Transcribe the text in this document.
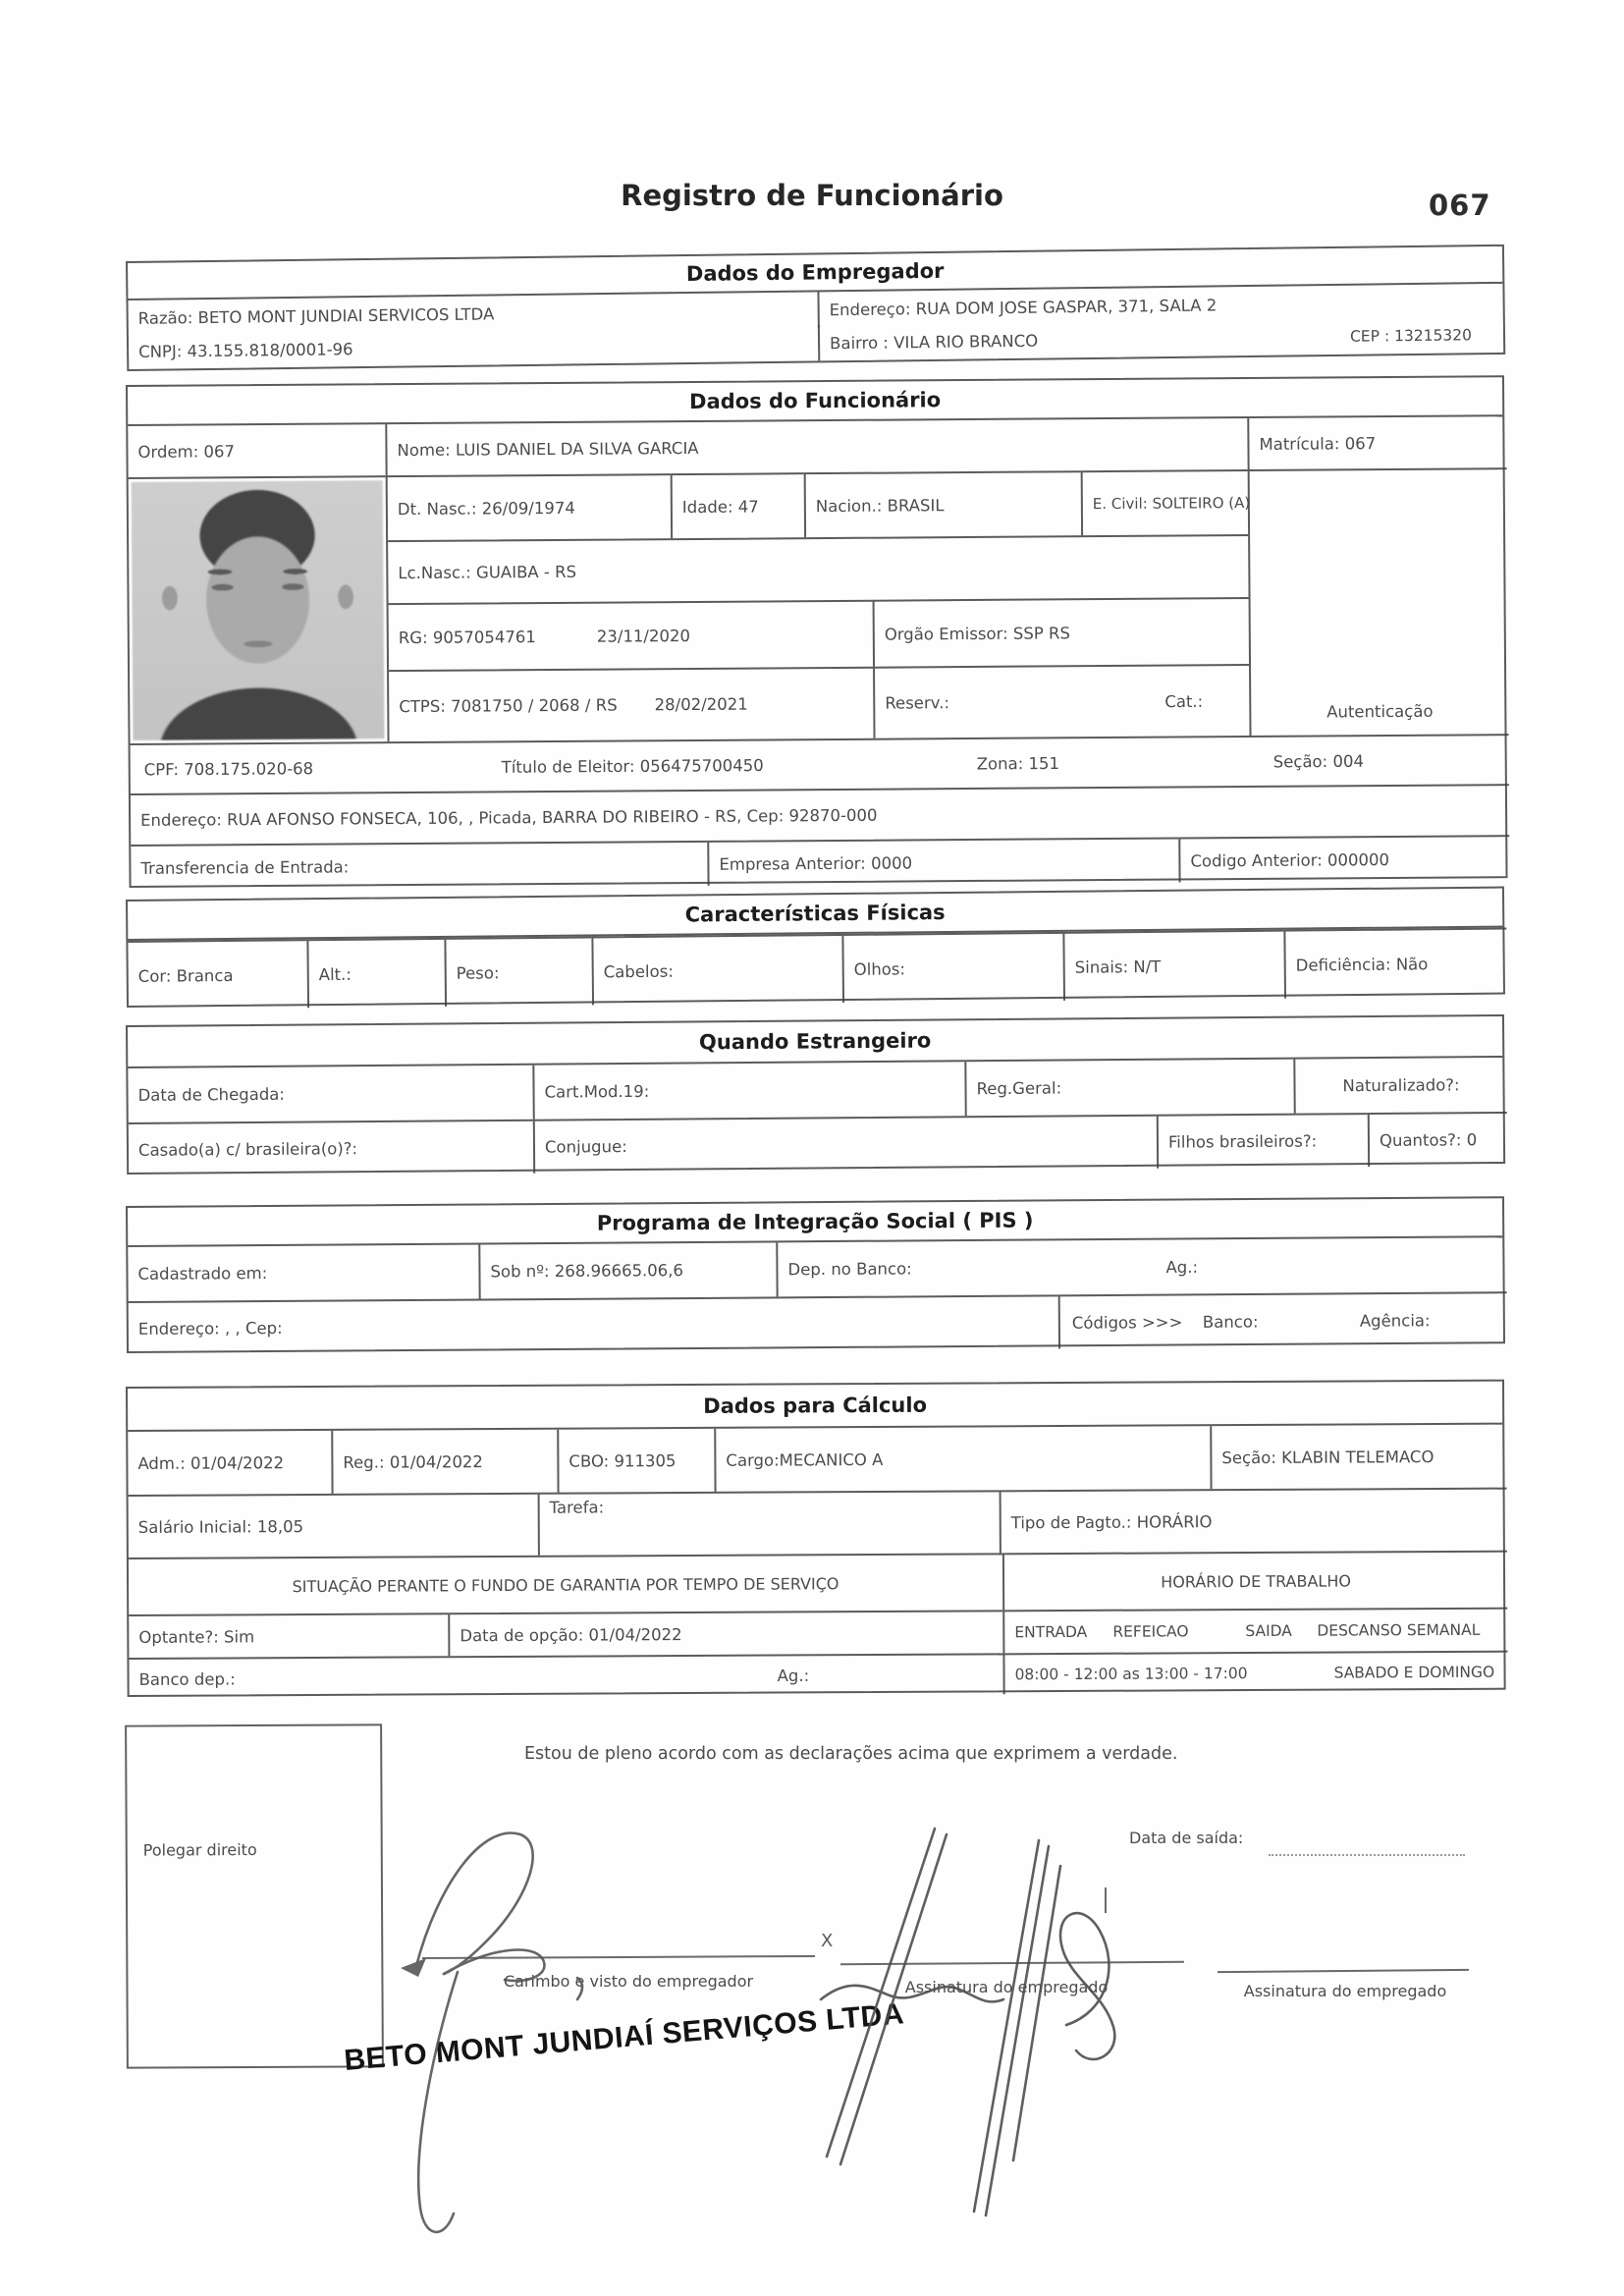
Registro de Funcionário	067
Dados do Empregador
Razão: BETO MONT JUNDIAI SERVICOS LTDA
CNPJ: 43.155.818/0001-96
Endereço: RUA DOM JOSE GASPAR, 371, SALA 2
Bairro : VILA RIO BRANCO	CEP : 13215320
Dados do Funcionário
Ordem: 067	Nome: LUIS DANIEL DA SILVA GARCIA	Matrícula: 067
Dt. Nasc.: 26/09/1974	Idade: 47	Nacion.: BRASIL	E. Civil: SOLTEIRO (A)
Lc.Nasc.: GUAIBA - RS
RG: 9057054761	23/11/2020	Orgão Emissor: SSP RS
CTPS: 7081750 / 2068 / RS 28/02/2021	Reserv.:	Cat.:
Autenticação
CPF: 708.175.020-68	Título de Eleitor: 056475700450	Zona: 151	Seção: 004
Endereço: RUA AFONSO FONSECA, 106, , Picada, BARRA DO RIBEIRO - RS, Cep: 92870-000
Transferencia de Entrada:	Empresa Anterior: 0000	Codigo Anterior: 000000
Características Físicas
Cor: Branca	Alt.:	Peso:	Cabelos:	Olhos:	Sinais: N/T	Deficiência: Não
Quando Estrangeiro
Data de Chegada:	Cart.Mod.19:	Reg.Geral:	Naturalizado?:
Casado(a) c/ brasileira(o)?:	Conjugue:	Filhos brasileiros?:	Quantos?: 0
Programa de Integração Social ( PIS )
Cadastrado em:	Sob nº: 268.96665.06,6	Dep. no Banco:	Ag.:
Endereço: , , Cep:	Códigos >>> Banco:	Agência:
Dados para Cálculo
Adm.: 01/04/2022	Reg.: 01/04/2022	CBO: 911305	Cargo:MECANICO A	Seção: KLABIN TELEMACO
Salário Inicial: 18,05
Tarefa:
Tipo de Pagto.: HORÁRIO
SITUAÇÃO PERANTE O FUNDO DE GARANTIA POR TEMPO DE SERVIÇO	HORÁRIO DE TRABALHO
Optante?: Sim	Data de opção: 01/04/2022	ENTRADA REFEICAO	SAIDA DESCANSO SEMANAL
Banco dep.:	Ag.:	08:00 - 12:00 as 13:00 - 17:00	SABADO E DOMINGO
Polegar direito
Estou de pleno acordo com as declarações acima que exprimem a verdade.
Data de saída:
X
Carimbo e visto do empregador	Assinatura do empregado	Assinatura do empregado
BETO MONT JUNDIAÍ SERVIÇOS LTDA
